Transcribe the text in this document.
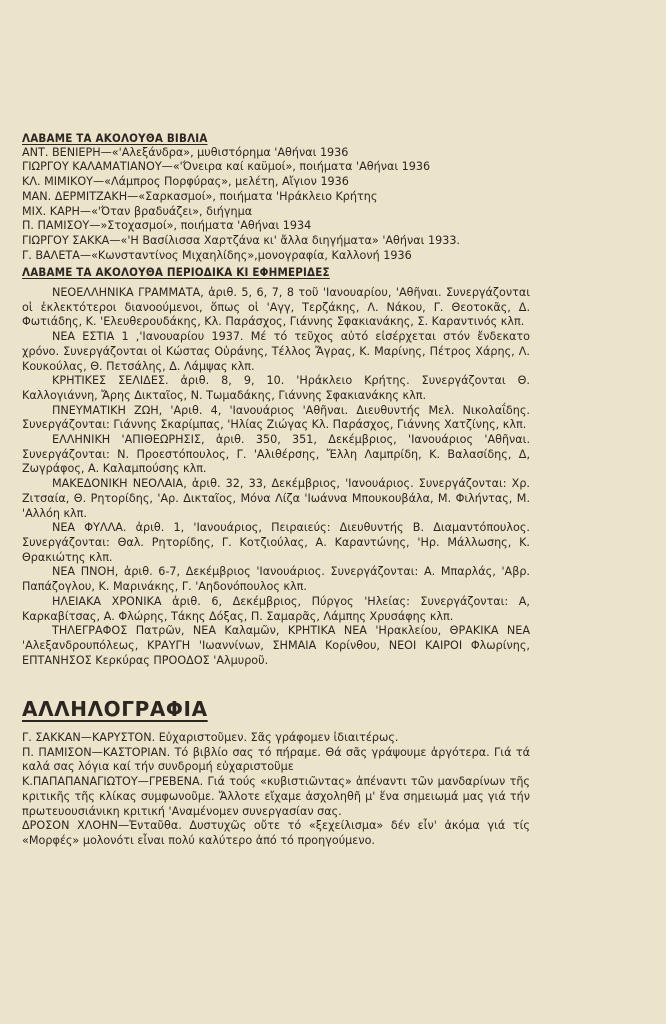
ΛΑΒΑΜΕ ΤΑ ΑΚΟΛΟΥΘΑ ΒΙΒΛΙΑ

ΑΝΤ. ΒΕΝΙΕΡΗ—«'Αλεξάνδρα», μυθιστόρημα 'Αθήναι 1936

ΓΙΩΡΓΟΥ ΚΑΛΑΜΑΤΙΑΝΟΥ—«'Όνειρα καί καϋμοί», ποιήματα 'Αθήναι 1936

ΚΛ. ΜΙΜΙΚΟΥ—«Λάμπρος Πορφύρας», μελέτη, Αἴγιον 1936

ΜΑΝ. ΔΕΡΜΙΤΖΑΚΗ—«Σαρκασμοί», ποιήματα 'Ηράκλειο Κρήτης

ΜΙΧ. ΚΑΡΗ—«'Όταν βραδυάζει», διήγημα

Π. ΠΑΜΙΣΟΥ—»Στοχασμοί», ποιήματα 'Αθήναι 1934

ΓΙΩΡΓΟΥ ΣΑΚΚΑ—«'Η Βασίλισσα Χαρτζάνα κι' ἄλλα διηγήματα» 'Αθήναι 1933.

Γ. ΒΑΛΕΤΑ—«Κωνσταντίνος Μιχαηλίδης»,μονογραφία, Καλλονή 1936

ΛΑΒΑΜΕ ΤΑ ΑΚΟΛΟΥΘΑ ΠΕΡΙΟΔΙΚΑ ΚΙ ΕΦΗΜΕΡΙΔΕΣ

ΝΕΟΕΛΛΗΝΙΚΑ ΓΡΑΜΜΑΤΑ, ἀριθ. 5, 6, 7, 8 τοῦ 'Ιανουαρίου, 'Αθῆναι. Συνεργάζονται οἱ ἐκλεκτότεροι διανοούμενοι, ὅπως οἱ 'Αγγ, Τερζάκης, Λ. Νάκου, Γ. Θεοτοκᾶς, Δ. Φωτιάδης, Κ. 'Ελευθερουδάκης, Κλ. Παράσχος, Γιάννης Σφακιανάκης, Σ. Καραντινός κλπ.

ΝΕΑ ΕΣΤΙΑ 1 ,'Ιανουαρίου 1937. Μέ τό τεῦχος αὐτό εἰσέρχεται στόν ἔνδεκατο χρόνο. Συνεργάζονται οἱ Κώστας Οὐράνης, Τέλλος Ἄγρας, Κ. Μαρίνης, Πέτρος Χάρης, Λ. Κουκούλας, Θ. Πετσάλης, Δ. Λάμψας κλπ.

ΚΡΗΤΙΚΕΣ ΣΕΛΙΔΕΣ. ἀριθ. 8, 9, 10. 'Ηράκλειο Κρήτης. Συνεργάζονται Θ. Καλλογιάννη, Ἄρης Δικταῖος, Ν. Τωμαδάκης, Γιάννης Σφακιανάκης κλπ.

ΠΝΕΥΜΑΤΙΚΗ ΖΩΗ, 'Αριθ. 4, 'Ιανουάριος 'Αθῆναι. Διευθυντής Μελ. Νικολαΐδης. Συνεργάζονται: Γιάννης Σκαρίμπας, 'Ηλίας Ζιώγας Κλ. Παράσχος, Γιάννης Χατζίνης, κλπ.

ΕΛΛΗΝΙΚΗ 'ΑΠΙΘΕΩΡΗΣΙΣ, ἀριθ. 350, 351, Δεκέμβριος, 'Ιανουάριος 'Αθῆναι. Συνεργάζονται: Ν. Προεστόπουλος, Γ. 'Αλιθέρσης, Ἔλλη Λαμπρίδη, Κ. Βαλασίδης, Δ, Ζωγράφος, Α. Καλαμπούσης κλπ.

ΜΑΚΕΔΟΝΙΚΗ ΝΕΟΛΑΙΑ, ἀριθ. 32, 33, Δεκέμβριος, 'Ιανουάριος. Συνεργάζονται: Χρ. Ζιτσαία, Θ. Ρητορίδης, 'Αρ. Δικταῖος, Μόνα Λίζα 'Ιωάννα Μπουκουβάλα, Μ. Φιλήντας, Μ. 'Αλλόη κλπ.

ΝΕΑ ΦΥΛΛΑ. ἀριθ. 1, 'Ιανουάριος, Πειραιεύς: Διευθυντής Β. Διαμαντόπουλος. Συνεργάζονται: Θαλ. Ρητορίδης, Γ. Κοτζιούλας, Α. Καραντώνης, 'Ηρ. Μάλλωσης, Κ. Θρακιώτης κλπ.

ΝΕΑ ΠΝΟΗ, ἀριθ. 6-7, Δεκέμβριος 'Ιανουάριος. Συνεργάζονται: Α. Μπαρλάς, 'Αβρ. Παπάζογλου, Κ. Μαρινάκης, Γ. 'Αηδονόπουλος κλπ.

ΗΛΕΙΑΚΑ ΧΡΟΝΙΚΑ ἀριθ. 6, Δεκέμβριος, Πύργος 'Ηλείας: Συνεργάζονται: Α, Καρκαβίτσας, Α. Φλώρης, Τάκης Δόξας, Π. Σαμαρᾶς, Λάμπης Χρυσάφης κλπ.

ΤΗΛΕΓΡΑΦΟΣ Πατρῶν, ΝΕΑ Καλαμῶν, ΚΡΗΤΙΚΑ ΝΕΑ 'Ηρακλείου, ΘΡΑΚΙΚΑ ΝΕΑ 'Αλεξανδρουπόλεως, ΚΡΑΥΓΗ 'Ιωαννίνων, ΣΗΜΑΙΑ Κορίνθου, ΝΕΟΙ ΚΑΙΡΟΙ Φλωρίνης, ΕΠΤΑΝΗΣΟΣ Κερκύρας ΠΡΟΟΔΟΣ 'Αλμυροῦ.

ΑΛΛΗΛΟΓΡΑΦΙΑ

Γ. ΣΑΚΚΑΝ—ΚΑΡΥΣΤΟΝ. Εὐχαριστοῦμεν. Σᾶς γράφομεν ἰδιαιτέρως.

Π. ΠΑΜΙΣΟΝ—ΚΑΣΤΟΡΙΑΝ. Τό βιβλίο σας τό πήραμε. Θά σᾶς γράψουμε ἀργότερα. Γιά τά καλά σας λόγια καί τήν συνδρομή εὐχαριστοῦμε

Κ.ΠΑΠΑΠΑΝΑΓΙΩΤΟΥ—ΓΡΕΒΕΝΑ. Γιά τούς «κυβιστιῶντας» ἀπέναντι τῶν μανδαρίνων τῆς κριτικῆς τῆς κλίκας συμφωνοῦμε. Ἄλλοτε εἴχαμε ἀσχοληθῆ μ' ἕνα σημειωμά μας γιά τήν πρωτευουσιάνικη κριτική 'Αναμένομεν συνεργασίαν σας.

ΔΡΟΣΟΝ ΧΛΟΗΝ—Ἐνταῦθα. Δυστυχῶς οὔτε τό «ξεχείλισμα» δέν εἶν' ἀκόμα γιά τίς «Μορφές» μολονότι εἶναι πολύ καλύτερο ἀπό τό προηγούμενο.
